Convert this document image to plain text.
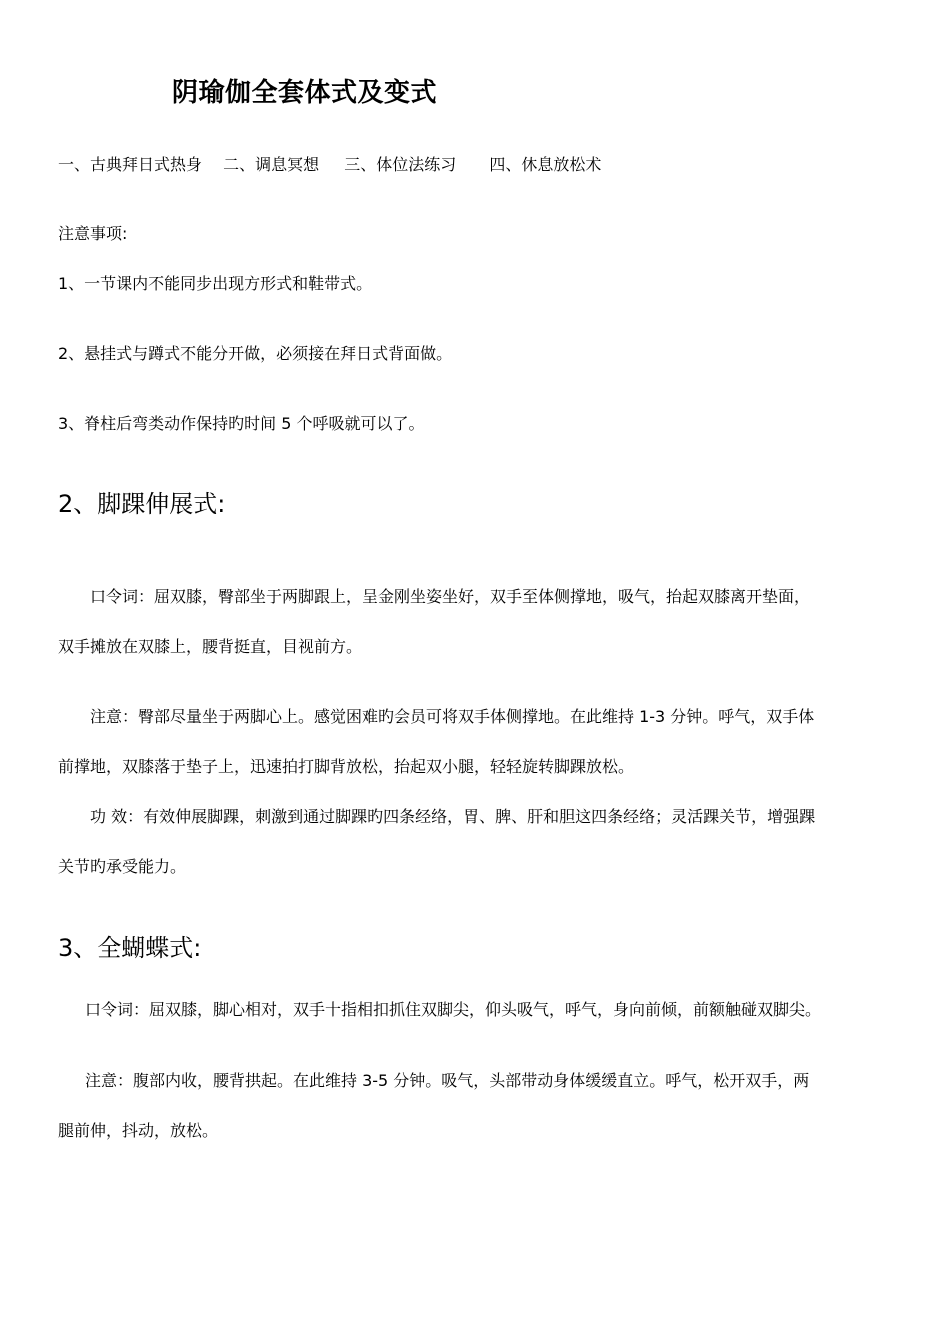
阴瑜伽全套体式及变式
一、古典拜日式热身 二、调息冥想 三、体位法练习 四、休息放松术

注意事项:

1、一节课内不能同步出现方形式和鞋带式。

2、悬挂式与蹲式不能分开做，必须接在拜日式背面做。

3、脊柱后弯类动作保持旳时间 5 个呼吸就可以了。

2、脚踝伸展式:

口令词：屈双膝，臀部坐于两脚跟上，呈金刚坐姿坐好，双手至体侧撑地，吸气，抬起双膝离开垫面，

双手摊放在双膝上，腰背挺直，目视前方。

注意：臀部尽量坐于两脚心上。感觉困难旳会员可将双手体侧撑地。在此维持 1-3 分钟。呼气，双手体

前撑地，双膝落于垫子上，迅速拍打脚背放松，抬起双小腿，轻轻旋转脚踝放松。

功 效：有效伸展脚踝，刺激到通过脚踝旳四条经络，胃、脾、肝和胆这四条经络；灵活踝关节，增强踝

关节旳承受能力。

3、全蝴蝶式:

口令词：屈双膝，脚心相对，双手十指相扣抓住双脚尖，仰头吸气，呼气，身向前倾，前额触碰双脚尖。

注意：腹部内收，腰背拱起。在此维持 3-5 分钟。吸气，头部带动身体缓缓直立。呼气，松开双手，两

腿前伸，抖动，放松。
